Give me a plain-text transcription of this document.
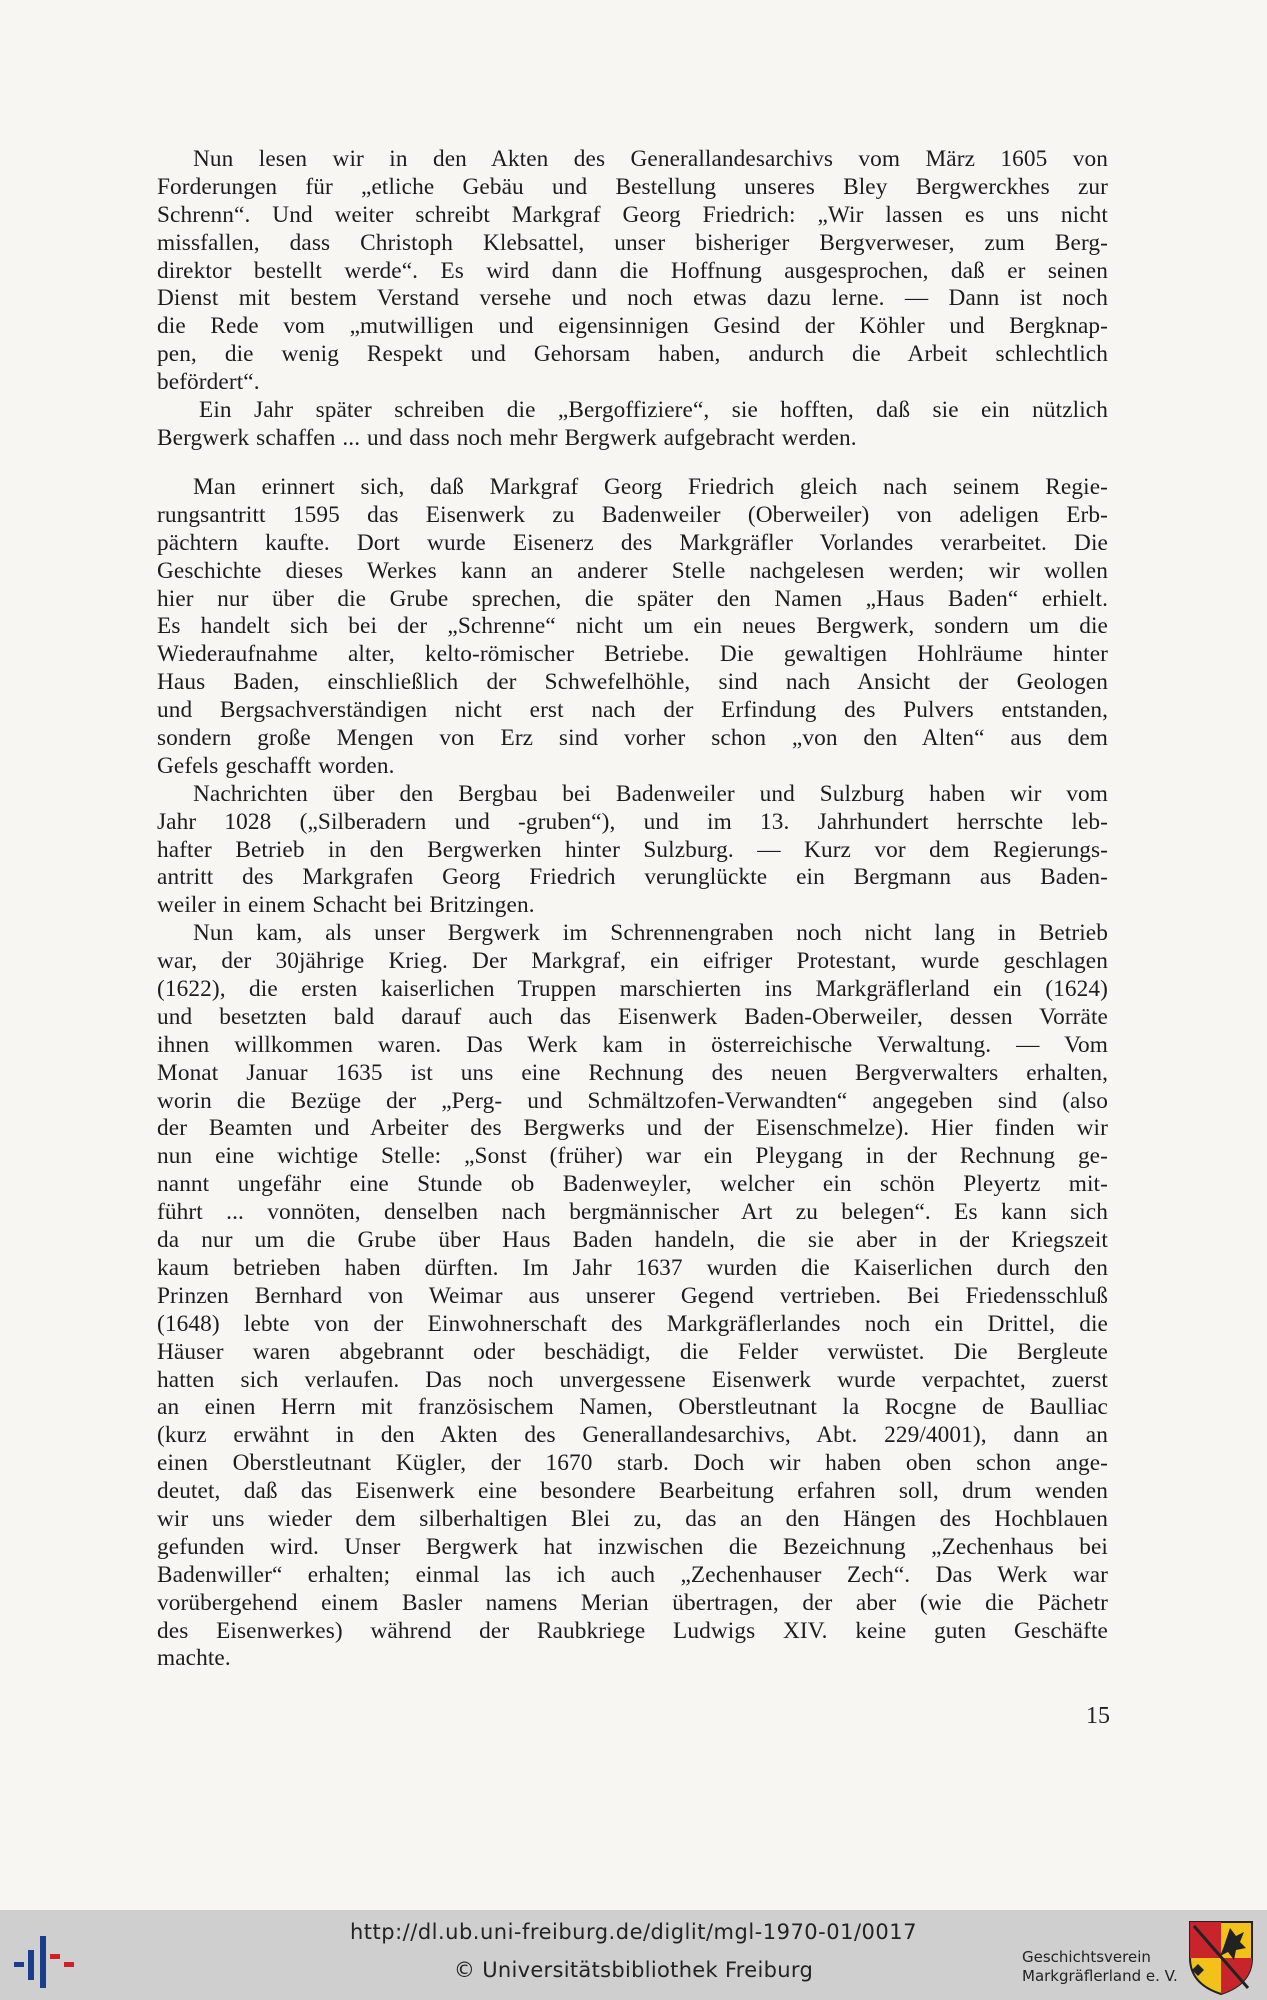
Nun lesen wir in den Akten des Generallandesarchivs vom März 1605 von
Forderungen für „etliche Gebäu und Bestellung unseres Bley Bergwerckhes zur
Schrenn“. Und weiter schreibt Markgraf Georg Friedrich: „Wir lassen es uns nicht
missfallen, dass Christoph Klebsattel, unser bisheriger Bergverweser, zum Berg-
direktor bestellt werde“. Es wird dann die Hoffnung ausgesprochen, daß er seinen
Dienst mit bestem Verstand versehe und noch etwas dazu lerne. — Dann ist noch
die Rede vom „mutwilligen und eigensinnigen Gesind der Köhler und Bergknap-
pen, die wenig Respekt und Gehorsam haben, andurch die Arbeit schlechtlich
befördert“.
Ein Jahr später schreiben die „Bergoffiziere“, sie hofften, daß sie ein nützlich
Bergwerk schaffen ... und dass noch mehr Bergwerk aufgebracht werden.
Man erinnert sich, daß Markgraf Georg Friedrich gleich nach seinem Regie-
rungsantritt 1595 das Eisenwerk zu Badenweiler (Oberweiler) von adeligen Erb-
pächtern kaufte. Dort wurde Eisenerz des Markgräfler Vorlandes verarbeitet. Die
Geschichte dieses Werkes kann an anderer Stelle nachgelesen werden; wir wollen
hier nur über die Grube sprechen, die später den Namen „Haus Baden“ erhielt.
Es handelt sich bei der „Schrenne“ nicht um ein neues Bergwerk, sondern um die
Wiederaufnahme alter, kelto-römischer Betriebe. Die gewaltigen Hohlräume hinter
Haus Baden, einschließlich der Schwefelhöhle, sind nach Ansicht der Geologen
und Bergsachverständigen nicht erst nach der Erfindung des Pulvers entstanden,
sondern große Mengen von Erz sind vorher schon „von den Alten“ aus dem
Gefels geschafft worden.
Nachrichten über den Bergbau bei Badenweiler und Sulzburg haben wir vom
Jahr 1028 („Silberadern und -gruben“), und im 13. Jahrhundert herrschte leb-
hafter Betrieb in den Bergwerken hinter Sulzburg. — Kurz vor dem Regierungs-
antritt des Markgrafen Georg Friedrich verunglückte ein Bergmann aus Baden-
weiler in einem Schacht bei Britzingen.
Nun kam, als unser Bergwerk im Schrennengraben noch nicht lang in Betrieb
war, der 30jährige Krieg. Der Markgraf, ein eifriger Protestant, wurde geschlagen
(1622), die ersten kaiserlichen Truppen marschierten ins Markgräflerland ein (1624)
und besetzten bald darauf auch das Eisenwerk Baden-Oberweiler, dessen Vorräte
ihnen willkommen waren. Das Werk kam in österreichische Verwaltung. — Vom
Monat Januar 1635 ist uns eine Rechnung des neuen Bergverwalters erhalten,
worin die Bezüge der „Perg- und Schmältzofen-Verwandten“ angegeben sind (also
der Beamten und Arbeiter des Bergwerks und der Eisenschmelze). Hier finden wir
nun eine wichtige Stelle: „Sonst (früher) war ein Pleygang in der Rechnung ge-
nannt ungefähr eine Stunde ob Badenweyler, welcher ein schön Pleyertz mit-
führt ... vonnöten, denselben nach bergmännischer Art zu belegen“. Es kann sich
da nur um die Grube über Haus Baden handeln, die sie aber in der Kriegszeit
kaum betrieben haben dürften. Im Jahr 1637 wurden die Kaiserlichen durch den
Prinzen Bernhard von Weimar aus unserer Gegend vertrieben. Bei Friedensschluß
(1648) lebte von der Einwohnerschaft des Markgräflerlandes noch ein Drittel, die
Häuser waren abgebrannt oder beschädigt, die Felder verwüstet. Die Bergleute
hatten sich verlaufen. Das noch unvergessene Eisenwerk wurde verpachtet, zuerst
an einen Herrn mit französischem Namen, Oberstleutnant la Rocgne de Baulliac
(kurz erwähnt in den Akten des Generallandesarchivs, Abt. 229/4001), dann an
einen Oberstleutnant Kügler, der 1670 starb. Doch wir haben oben schon ange-
deutet, daß das Eisenwerk eine besondere Bearbeitung erfahren soll, drum wenden
wir uns wieder dem silberhaltigen Blei zu, das an den Hängen des Hochblauen
gefunden wird. Unser Bergwerk hat inzwischen die Bezeichnung „Zechenhaus bei
Badenwiller“ erhalten; einmal las ich auch „Zechenhauser Zech“. Das Werk war
vorübergehend einem Basler namens Merian übertragen, der aber (wie die Pächetr
des Eisenwerkes) während der Raubkriege Ludwigs XIV. keine guten Geschäfte
machte.
15
http://dl.ub.uni-freiburg.de/diglit/mgl-1970-01/0017
© Universitätsbibliothek Freiburg
Geschichtsverein
Markgräflerland e. V.
